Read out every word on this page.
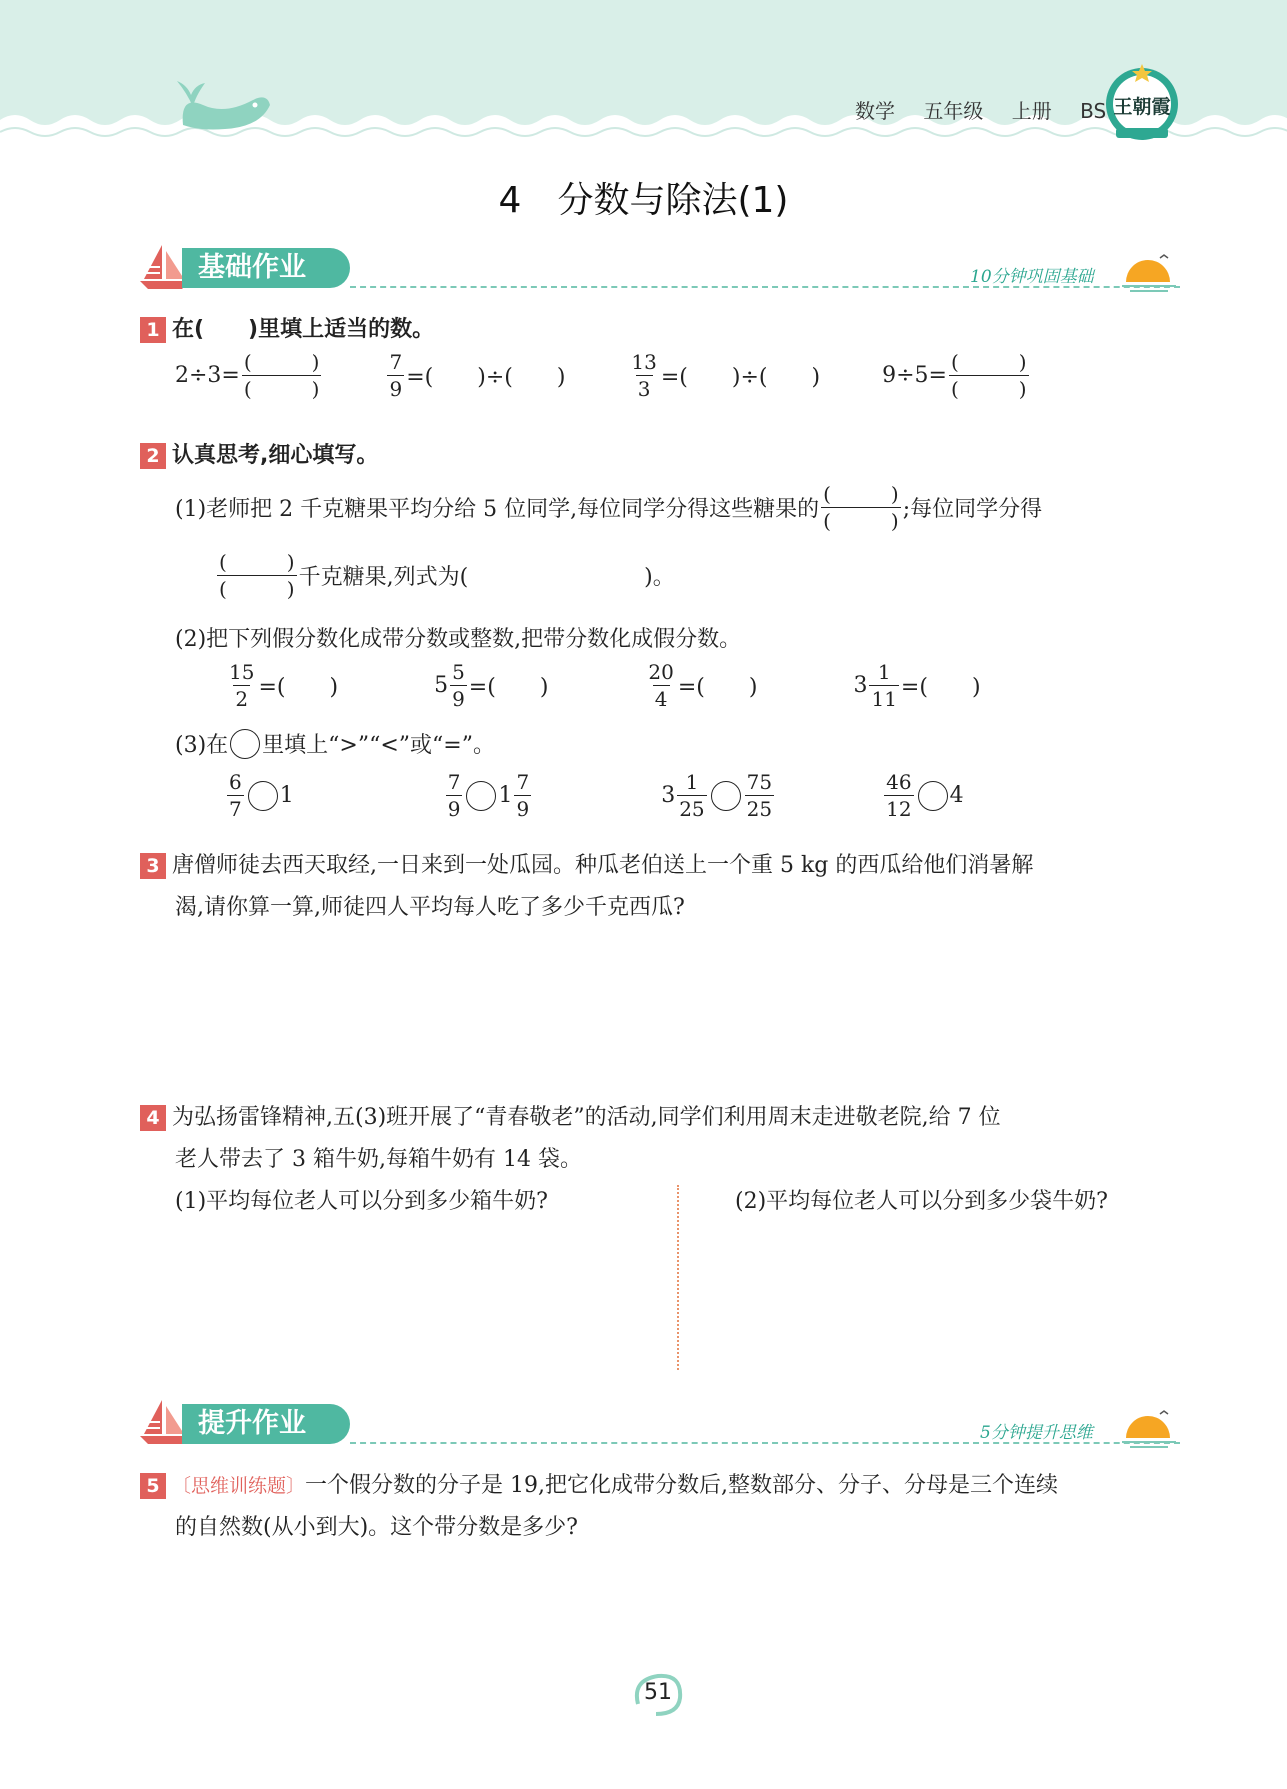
数学 五年级 上册 BS 王朝霞
4　分数与除法(1)
基础作业	10分钟巩固基础
1 在(　　)里填上适当的数。
$2\div 3= \frac{( )}{( )}$	$\frac{7}{9}$ =(　　)÷(　　)	$\frac{13}{3}$ =(　　)÷(　　)	$9\div 5= \frac{( )}{( )}$
2 认真思考,细心填写。
(1)老师把 2 千克糖果平均分给 5 位同学,每位同学分得这些糖果的 $\frac{( )}{( )}$ ;每位同学分得
$\frac{( )}{( )}$ 千克糖果,列式为(　　　　　　　　)。
(2)把下列假分数化成带分数或整数,把带分数化成假分数。
$\frac{15}{2}$ =(　　)	$5 \frac{5}{9}$ =(　　)	$\frac{20}{4}$ =(　　)	$3 \frac{1}{11}$ =(　　)
(3)在 里填上“>”“<”或“=”。
$\frac{6}{7} 1$	$\frac{7}{9} 1 \frac{7}{9}$	$3 \frac{1}{25} \frac{75}{25}$	$\frac{46}{12} 4$
3 唐僧师徒去西天取经,一日来到一处瓜园。种瓜老伯送上一个重 5 kg 的西瓜给他们消暑解
渴,请你算一算,师徒四人平均每人吃了多少千克西瓜?
4 为弘扬雷锋精神,五(3)班开展了“青春敬老”的活动,同学们利用周末走进敬老院,给 7 位
老人带去了 3 箱牛奶,每箱牛奶有 14 袋。
(1)平均每位老人可以分到多少箱牛奶?	(2)平均每位老人可以分到多少袋牛奶?
提升作业	5分钟提升思维
5 〔思维训练题〕一个假分数的分子是 19,把它化成带分数后,整数部分、分子、分母是三个连续
的自然数(从小到大)。这个带分数是多少?
51
